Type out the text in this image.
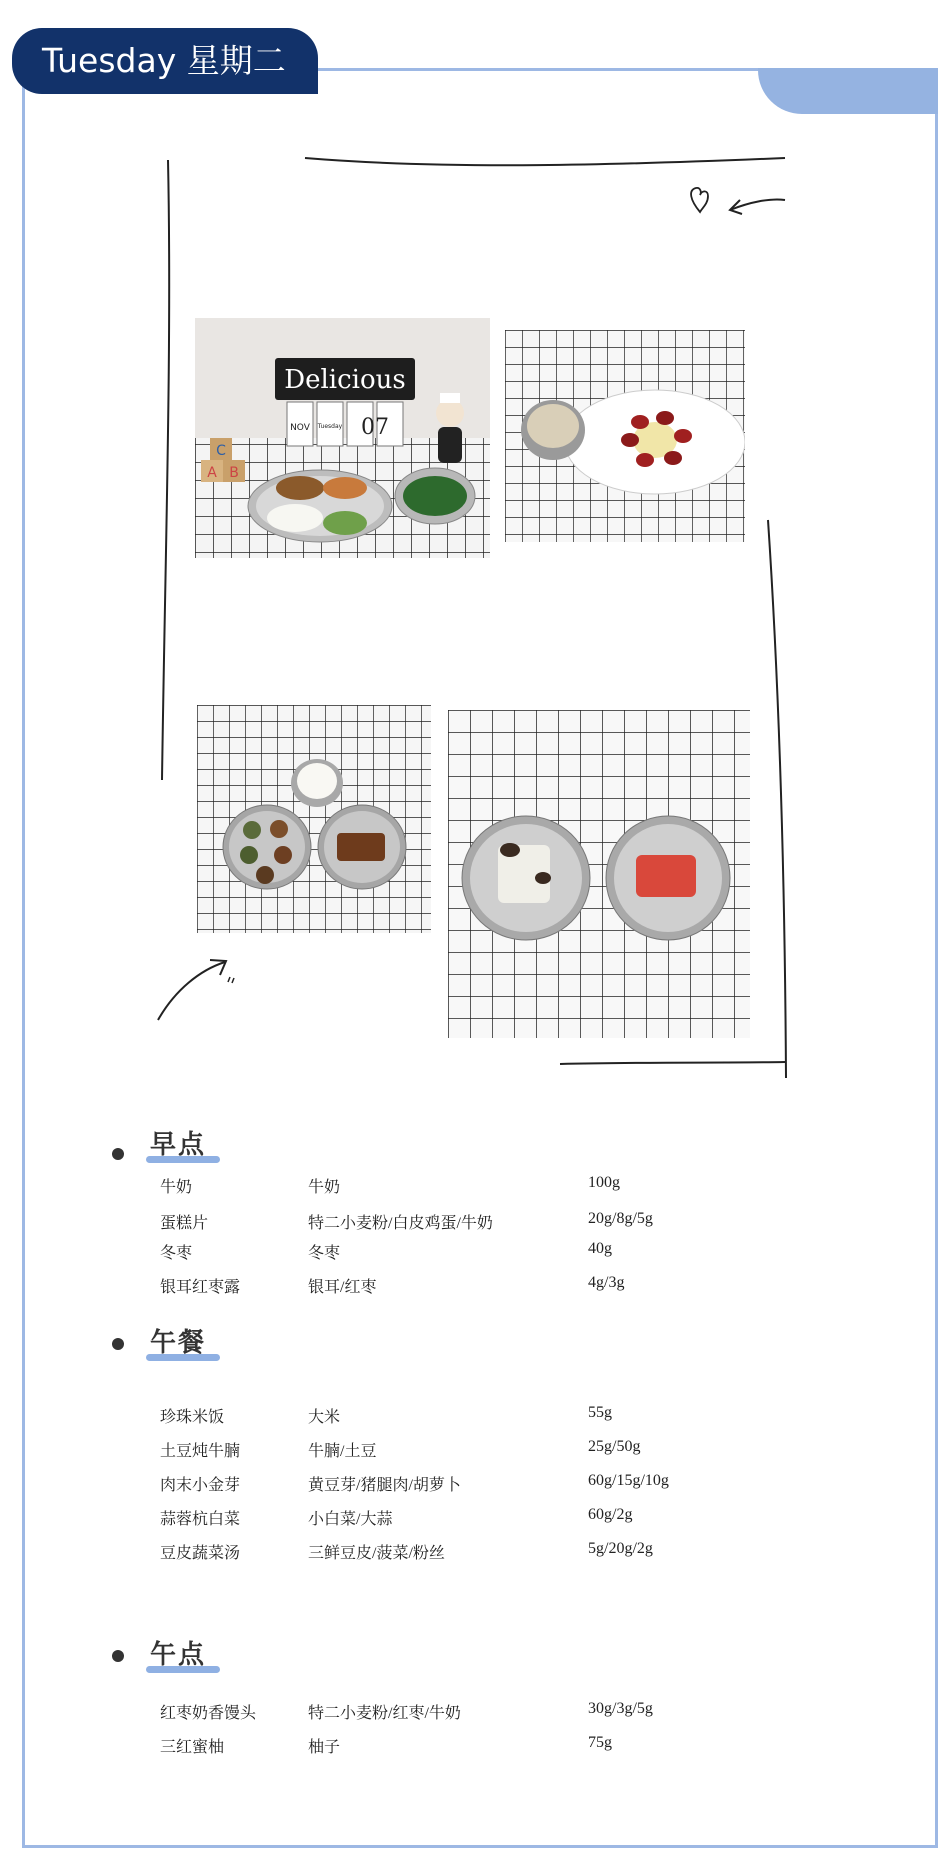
Tuesday 星期二
Delicious
NOV Tuesday 07
C
A B
早点
牛奶	牛奶	100g
蛋糕片	特二小麦粉/白皮鸡蛋/牛奶	20g/8g/5g
冬枣	冬枣	40g
银耳红枣露	银耳/红枣	4g/3g
午餐
珍珠米饭	大米	55g
土豆炖牛腩	牛腩/土豆	25g/50g
肉末小金芽	黄豆芽/猪腿肉/胡萝卜	60g/15g/10g
蒜蓉杭白菜	小白菜/大蒜	60g/2g
豆皮蔬菜汤	三鲜豆皮/菠菜/粉丝	5g/20g/2g
午点
红枣奶香馒头	特二小麦粉/红枣/牛奶	30g/3g/5g
三红蜜柚	柚子	75g
